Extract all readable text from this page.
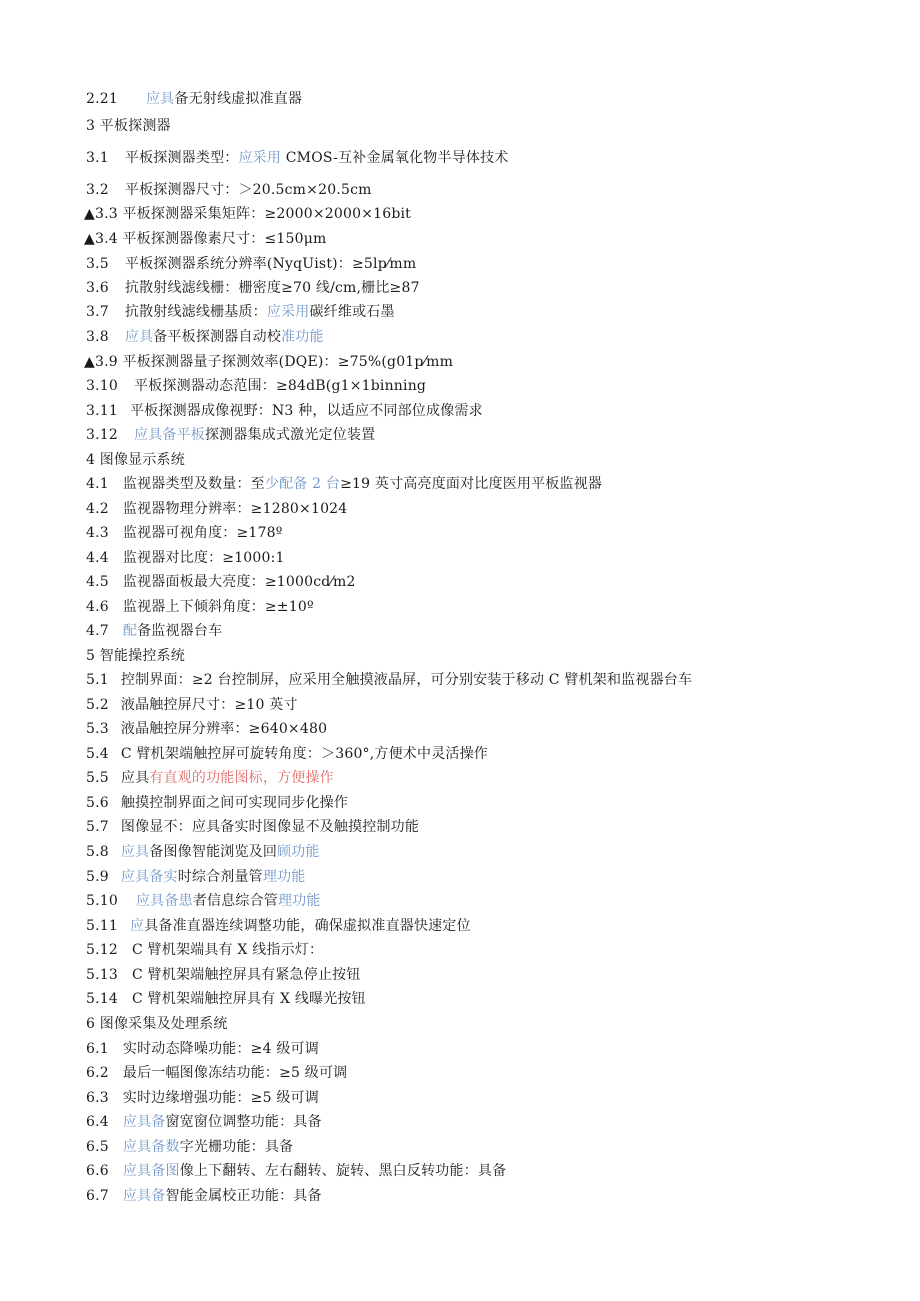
2.21 应具备无射线虚拟准直器
3 平板探测器
3.1 平板探测器类型：应采用 CMOS-互补金属氧化物半导体技术
3.2 平板探测器尺寸：＞20.5cm×20.5cm
▲3.3 平板探测器采集矩阵：≥2000×2000×16bit
▲3.4 平板探测器像素尺寸：≤150μm
3.5 平板探测器系统分辨率(NyqUist)：≥5lp⁄mm
3.6 抗散射线滤线栅：栅密度≥70 线/cm,栅比≥87
3.7 抗散射线滤线栅基质：应采用碳纤维或石墨
3.8 应具备平板探测器自动校准功能
▲3.9 平板探测器量子探测效率(DQE)：≥75%(g01p⁄mm
3.10 平板探测器动态范围：≥84dB(g1×1binning
3.11 平板探测器成像视野：N3 种，以适应不同部位成像需求
3.12 应具备平板探测器集成式激光定位装置
4 图像显示系统
4.1 监视器类型及数量：至少配备 2 台≥19 英寸高亮度面对比度医用平板监视器
4.2 监视器物理分辨率：≥1280×1024
4.3 监视器可视角度：≥178º
4.4 监视器对比度：≥1000:1
4.5 监视器面板最大亮度：≥1000cd⁄m2
4.6 监视器上下倾斜角度：≥±10º
4.7 配备监视器台车
5 智能操控系统
5.1 控制界面：≥2 台控制屏，应采用全触摸液晶屏，可分别安装于移动 C 臂机架和监视器台车
5.2 液晶触控屏尺寸：≥10 英寸
5.3 液晶触控屏分辨率：≥640×480
5.4 C 臂机架端触控屏可旋转角度：＞360°,方便术中灵活操作
5.5 应具有直观的功能图标，方便操作
5.6 触摸控制界面之间可实现同步化操作
5.7 图像显不：应具备实时图像显不及触摸控制功能
5.8 应具备图像智能浏览及回顾功能
5.9 应具备实时综合剂量管理功能
5.10 应具备患者信息综合管理功能
5.11 应具备准直器连续调整功能，确保虚拟准直器快速定位
5.12 C 臂机架端具有 X 线指示灯：
5.13 C 臂机架端触控屏具有紧急停止按钮
5.14 C 臂机架端触控屏具有 X 线曝光按钮
6 图像采集及处理系统
6.1 实时动态降噪功能：≥4 级可调
6.2 最后一幅图像冻结功能：≥5 级可调
6.3 实时边缘增强功能：≥5 级可调
6.4 应具备窗宽窗位调整功能：具备
6.5 应具备数字光栅功能：具备
6.6 应具备图像上下翻转、左右翻转、旋转、黑白反转功能：具备
6.7 应具备智能金属校正功能：具备
